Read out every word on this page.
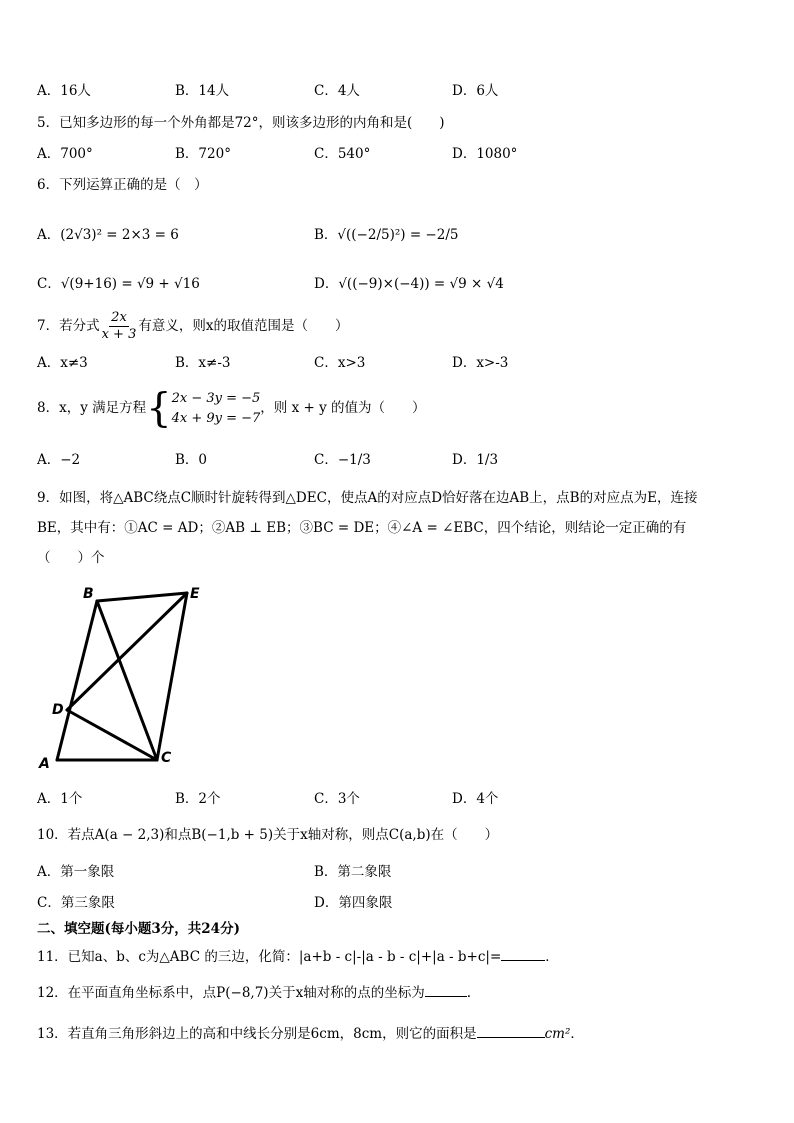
A．16人	B．14人	C．4人	D．6人
5．已知多边形的每一个外角都是72°，则该多边形的内角和是(　　)
A．700°	B．720°	C．540°	D．1080°
6．下列运算正确的是（　）
A．(2√3)² = 2×3 = 6	B．√((−2/5)²) = −2/5
C．√(9+16) = √9 + √16	D．√((−9)×(−4)) = √9 × √4
7．若分式 $\frac{2x}{x + 3}$ 有意义，则x的取值范围是（　　）
A．x≠3	B．x≠-3	C．x>3	D．x>-3
8．x，y 满足方程{ 2x − 3y = −5
4x + 9y = −7
，则 x + y 的值为（　　）
A．−2	B．0	C．−1/3	D．1/3
9．如图，将△ABC绕点C顺时针旋转得到△DEC，使点A的对应点D恰好落在边AB上，点B的对应点为E，连接
BE，其中有：①AC = AD；②AB ⊥ EB；③BC = DE；④∠A = ∠EBC，四个结论，则结论一定正确的有
（　　）个
B	E
D
A	C
A．1个	B．2个	C．3个	D．4个
10．若点A(a − 2,3)和点B(−1,b + 5)关于x轴对称，则点C(a,b)在（　　）
A．第一象限	B．第二象限
C．第三象限	D．第四象限
二、填空题(每小题3分，共24分)
11．已知a、b、c为△ABC 的三边，化简：|a+b - c|-|a - b - c|+|a - b+c|=	．
12．在平面直角坐标系中，点P(−8,7)关于x轴对称的点的坐标为	.
13．若直角三角形斜边上的高和中线长分别是6cm，8cm，则它的面积是	cm²．
